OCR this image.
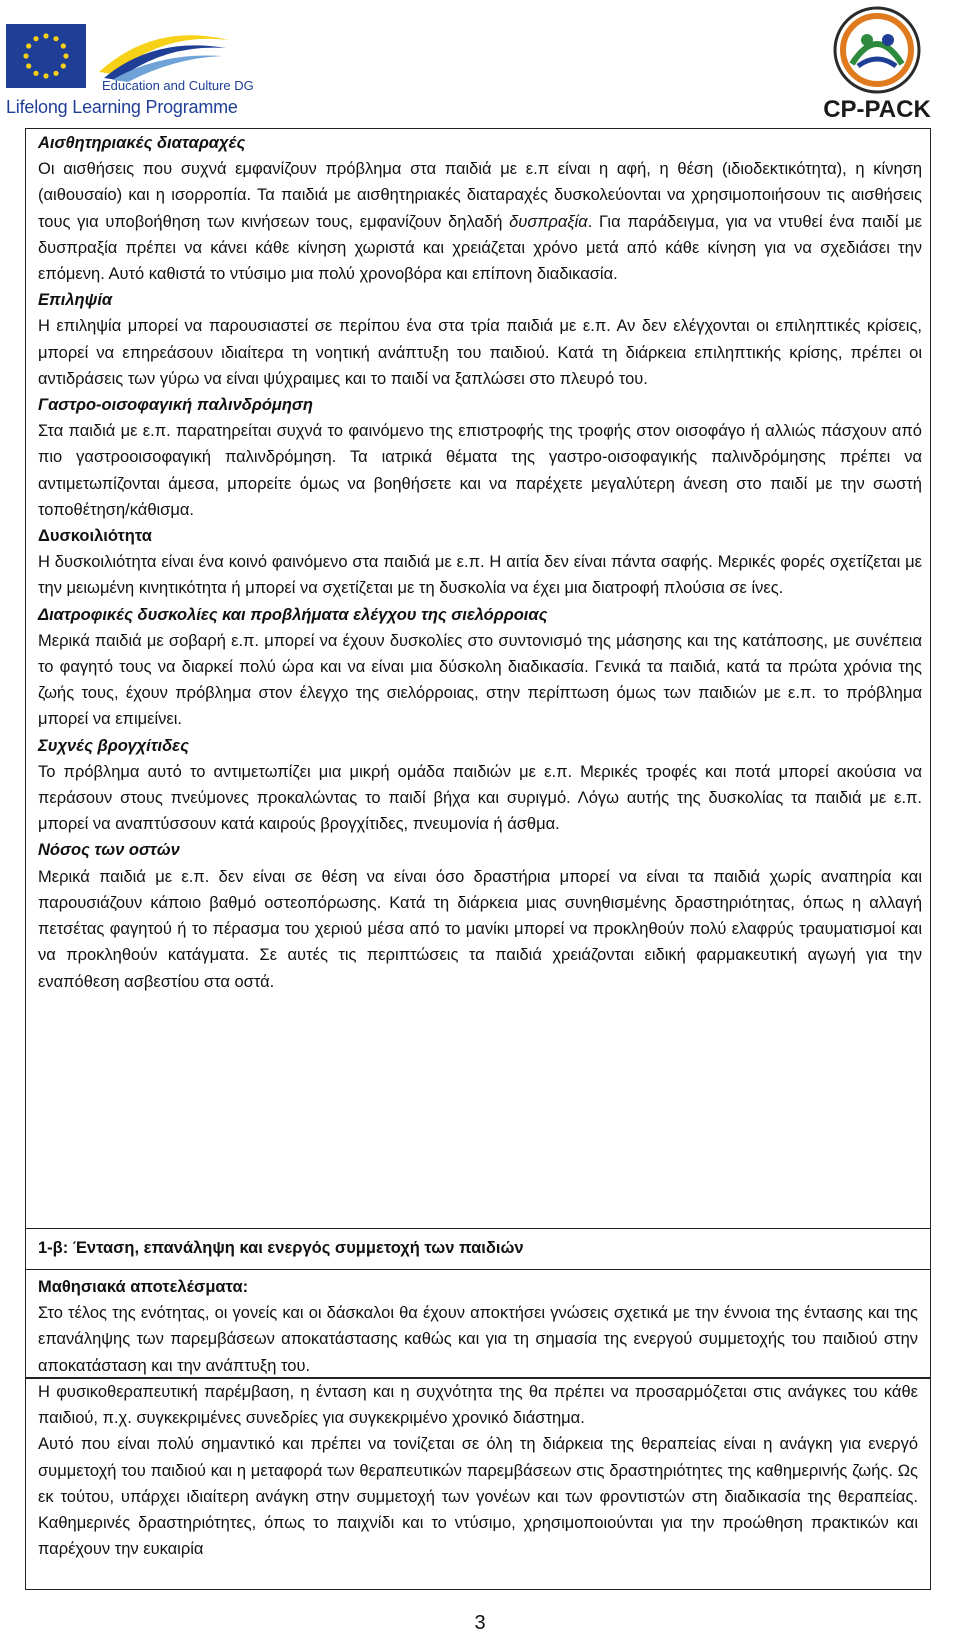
Education and Culture DG
Lifelong Learning Programme	CP-PACK

Αισθητηριακές διαταραχές

Οι αισθήσεις που συχνά εμφανίζουν πρόβλημα στα παιδιά με ε.π είναι η αφή, η θέση (ιδιοδεκτικότητα), η κίνηση (αιθουσαίο) και η ισορροπία. Τα παιδιά με αισθητηριακές διαταραχές δυσκολεύονται να χρησιμοποιήσουν τις αισθήσεις τους για υποβοήθηση των κινήσεων τους, εμφανίζουν δηλαδή δυσπραξία. Για παράδειγμα, για να ντυθεί ένα παιδί με δυσπραξία πρέπει να κάνει κάθε κίνηση χωριστά και χρειάζεται χρόνο μετά από κάθε κίνηση για να σχεδιάσει την επόμενη. Αυτό καθιστά το ντύσιμο μια πολύ χρονοβόρα και επίπονη διαδικασία.

Επιληψία

Η επιληψία μπορεί να παρουσιαστεί σε περίπου ένα στα τρία παιδιά με ε.π. Αν δεν ελέγχονται οι επιληπτικές κρίσεις, μπορεί να επηρεάσουν ιδιαίτερα τη νοητική ανάπτυξη του παιδιού. Κατά τη διάρκεια επιληπτικής κρίσης, πρέπει οι αντιδράσεις των γύρω να είναι ψύχραιμες και το παιδί να ξαπλώσει στο πλευρό του.

Γαστρο-οισοφαγική παλινδρόμηση

Στα παιδιά με ε.π. παρατηρείται συχνά το φαινόμενο της επιστροφής της τροφής στον οισοφάγο ή αλλιώς πάσχουν από πιο γαστροοισοφαγική παλινδρόμηση. Τα ιατρικά θέματα της γαστρο-οισοφαγικής παλινδρόμησης πρέπει να αντιμετωπίζονται άμεσα, μπορείτε όμως να βοηθήσετε και να παρέχετε μεγαλύτερη άνεση στο παιδί με την σωστή τοποθέτηση/κάθισμα.

Δυσκοιλιότητα

Η δυσκοιλιότητα είναι ένα κοινό φαινόμενο στα παιδιά με ε.π. Η αιτία δεν είναι πάντα σαφής. Μερικές φορές σχετίζεται με την μειωμένη κινητικότητα ή μπορεί να σχετίζεται με τη δυσκολία να έχει μια διατροφή πλούσια σε ίνες.

Διατροφικές δυσκολίες και προβλήματα ελέγχου της σιελόρροιας

Μερικά παιδιά με σοβαρή ε.π. μπορεί να έχουν δυσκολίες στο συντονισμό της μάσησης και της κατάποσης, με συνέπεια το φαγητό τους να διαρκεί πολύ ώρα και να είναι μια δύσκολη διαδικασία. Γενικά τα παιδιά, κατά τα πρώτα χρόνια της ζωής τους, έχουν πρόβλημα στον έλεγχο της σιελόρροιας, στην περίπτωση όμως των παιδιών με ε.π. το πρόβλημα μπορεί να επιμείνει.

Συχνές βρογχίτιδες

Το πρόβλημα αυτό το αντιμετωπίζει μια μικρή ομάδα παιδιών με ε.π. Μερικές τροφές και ποτά μπορεί ακούσια να περάσουν στους πνεύμονες προκαλώντας το παιδί βήχα και συριγμό. Λόγω αυτής της δυσκολίας τα παιδιά με ε.π. μπορεί να αναπτύσσουν κατά καιρούς βρογχίτιδες, πνευμονία ή άσθμα.

Νόσος των οστών

Μερικά παιδιά με ε.π. δεν είναι σε θέση να είναι όσο δραστήρια μπορεί να είναι τα παιδιά χωρίς αναπηρία και παρουσιάζουν κάποιο βαθμό οστεοπόρωσης. Κατά τη διάρκεια μιας συνηθισμένης δραστηριότητας, όπως η αλλαγή πετσέτας φαγητού ή το πέρασμα του χεριού μέσα από το μανίκι μπορεί να προκληθούν πολύ ελαφρύς τραυματισμοί και να προκληθούν κατάγματα. Σε αυτές τις περιπτώσεις τα παιδιά χρειάζονται ειδική φαρμακευτική αγωγή για την εναπόθεση ασβεστίου στα οστά.

1-β: Ένταση, επανάληψη και ενεργός συμμετοχή των παιδιών

Μαθησιακά αποτελέσματα:

Στο τέλος της ενότητας, οι γονείς και οι δάσκαλοι θα έχουν αποκτήσει γνώσεις σχετικά με την έννοια της έντασης και της επανάληψης των παρεμβάσεων αποκατάστασης καθώς και για τη σημασία της ενεργού συμμετοχής του παιδιού στην αποκατάσταση και την ανάπτυξη του.

Η φυσικοθεραπευτική παρέμβαση, η ένταση και η συχνότητα της θα πρέπει να προσαρμόζεται στις ανάγκες του κάθε παιδιού, π.χ. συγκεκριμένες συνεδρίες για συγκεκριμένο χρονικό διάστημα.

Αυτό που είναι πολύ σημαντικό και πρέπει να τονίζεται σε όλη τη διάρκεια της θεραπείας είναι η ανάγκη για ενεργό συμμετοχή του παιδιού και η μεταφορά των θεραπευτικών παρεμβάσεων στις δραστηριότητες της καθημερινής ζωής. Ως εκ τούτου, υπάρχει ιδιαίτερη ανάγκη στην συμμετοχή των γονέων και των φροντιστών στη διαδικασία της θεραπείας. Καθημερινές δραστηριότητες, όπως το παιχνίδι και το ντύσιμο, χρησιμοποιούνται για την προώθηση πρακτικών και παρέχουν την ευκαιρία

3
